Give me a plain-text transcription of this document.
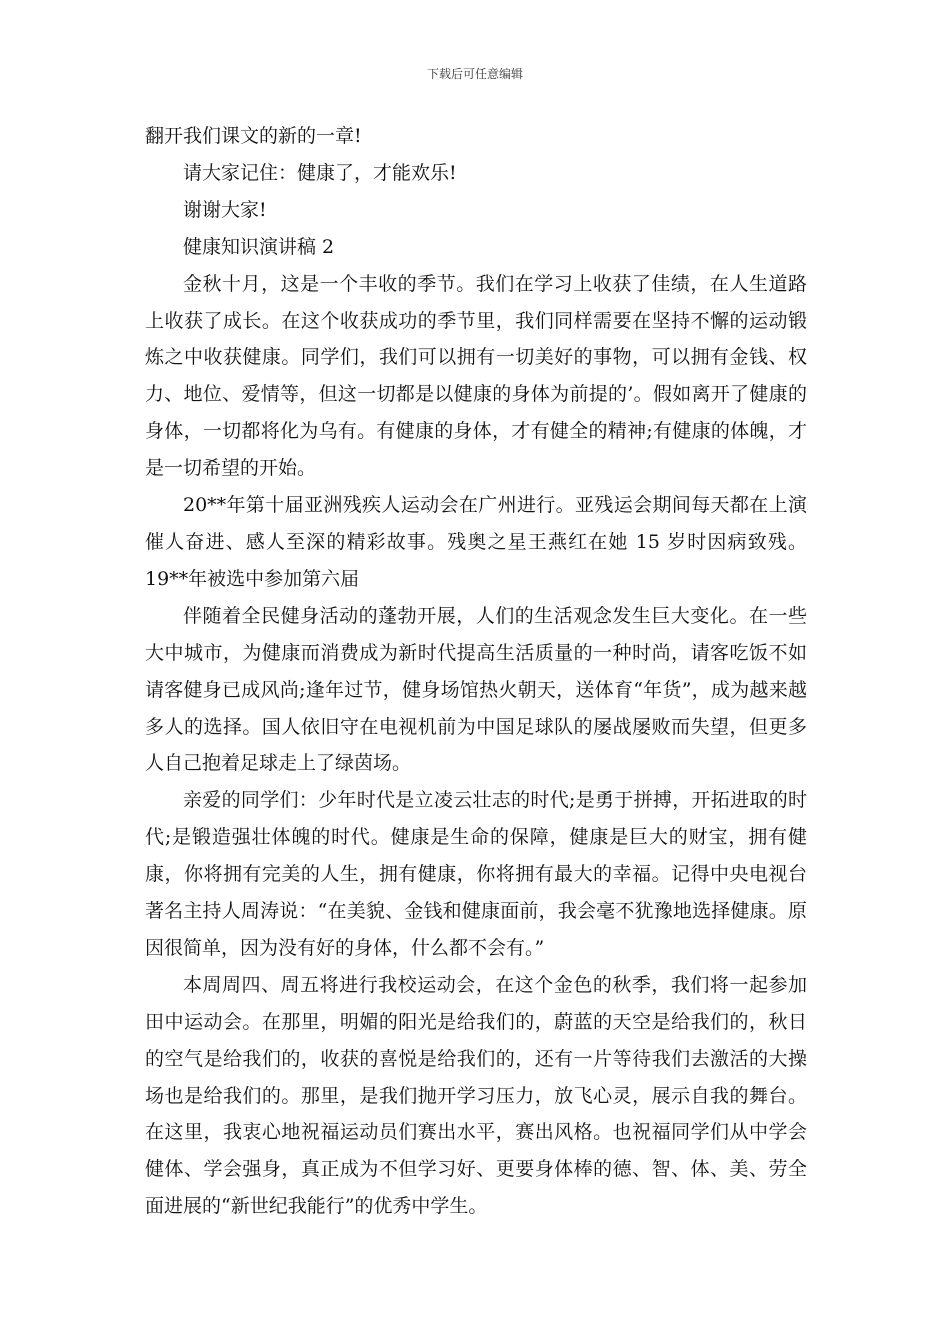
下载后可任意编辑

翻开我们课文的新的一章!

请大家记住：健康了，才能欢乐!

谢谢大家!

健康知识演讲稿 2

金秋十月，这是一个丰收的季节。我们在学习上收获了佳绩，在人生道路上收获了成长。在这个收获成功的季节里，我们同样需要在坚持不懈的运动锻炼之中收获健康。同学们，我们可以拥有一切美好的事物，可以拥有金钱、权力、地位、爱情等，但这一切都是以健康的身体为前提的’。假如离开了健康的身体，一切都将化为乌有。有健康的身体，才有健全的精神;有健康的体魄，才是一切希望的开始。

20**年第十届亚洲残疾人运动会在广州进行。亚残运会期间每天都在上演催人奋进、感人至深的精彩故事。残奥之星王燕红在她 15 岁时因病致残。19**年被选中参加第六届

伴随着全民健身活动的蓬勃开展，人们的生活观念发生巨大变化。在一些大中城市，为健康而消费成为新时代提高生活质量的一种时尚，请客吃饭不如请客健身已成风尚;逢年过节，健身场馆热火朝天，送体育“年货”，成为越来越多人的选择。国人依旧守在电视机前为中国足球队的屡战屡败而失望，但更多人自己抱着足球走上了绿茵场。

亲爱的同学们：少年时代是立凌云壮志的时代;是勇于拼搏，开拓进取的时代;是锻造强壮体魄的时代。健康是生命的保障，健康是巨大的财宝，拥有健康，你将拥有完美的人生，拥有健康，你将拥有最大的幸福。记得中央电视台著名主持人周涛说：“在美貌、金钱和健康面前，我会毫不犹豫地选择健康。原因很简单，因为没有好的身体，什么都不会有。”

本周周四、周五将进行我校运动会，在这个金色的秋季，我们将一起参加田中运动会。在那里，明媚的阳光是给我们的，蔚蓝的天空是给我们的，秋日的空气是给我们的，收获的喜悦是给我们的，还有一片等待我们去激活的大操场也是给我们的。那里，是我们抛开学习压力，放飞心灵，展示自我的舞台。在这里，我衷心地祝福运动员们赛出水平，赛出风格。也祝福同学们从中学会健体、学会强身，真正成为不但学习好、更要身体棒的德、智、体、美、劳全面进展的“新世纪我能行”的优秀中学生。
